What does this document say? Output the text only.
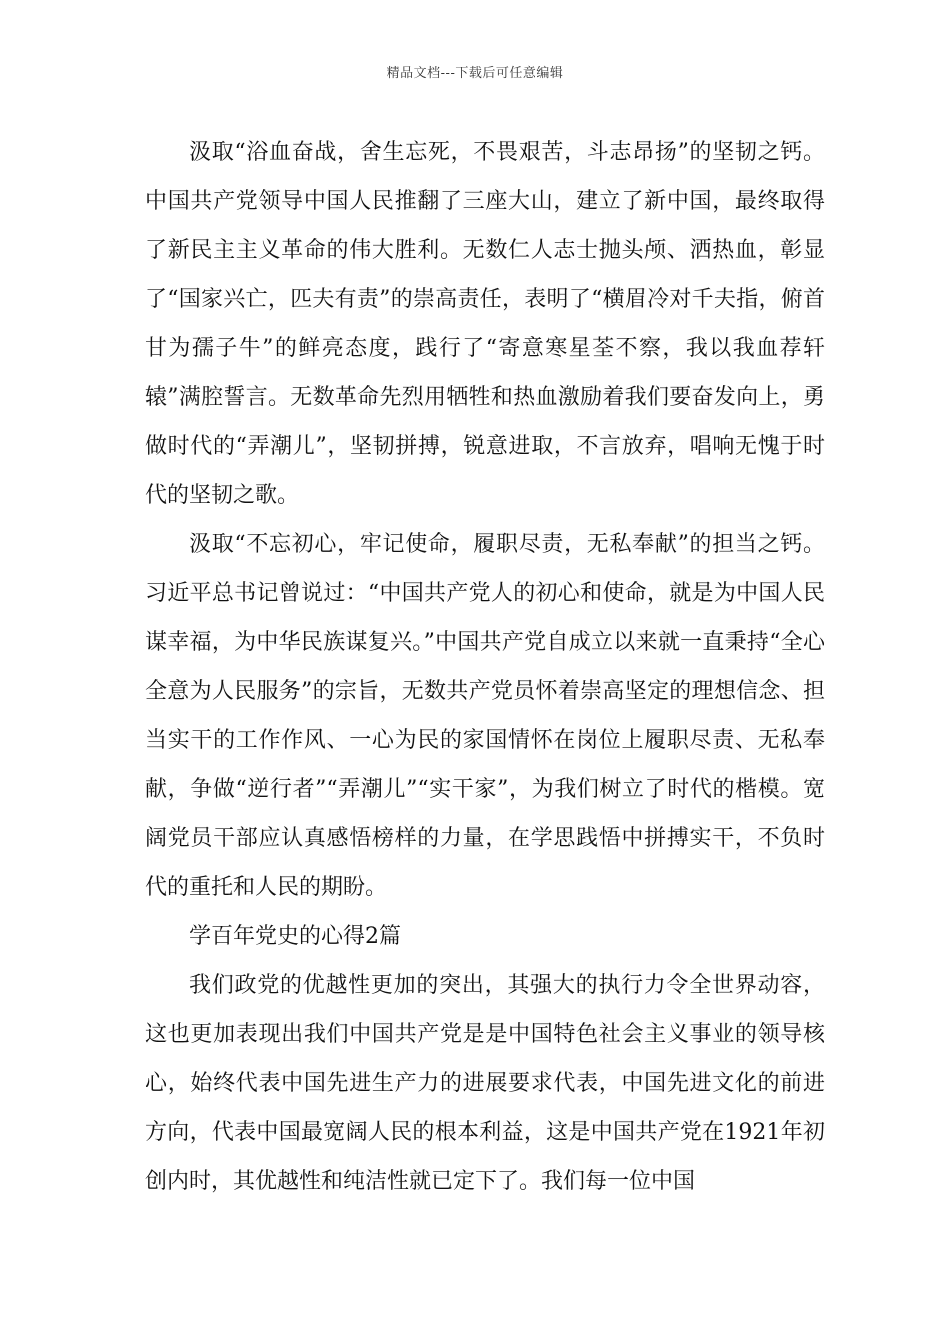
精品文档---下载后可任意编辑

汲取“浴血奋战，舍生忘死，不畏艰苦，斗志昂扬”的坚韧之钙。中国共产党领导中国人民推翻了三座大山，建立了新中国，最终取得了新民主主义革命的伟大胜利。无数仁人志士抛头颅、洒热血，彰显了“国家兴亡，匹夫有责”的崇高责任，表明了“横眉冷对千夫指，俯首甘为孺子牛”的鲜亮态度，践行了“寄意寒星荃不察，我以我血荐轩辕”满腔誓言。无数革命先烈用牺牲和热血激励着我们要奋发向上，勇做时代的“弄潮儿”，坚韧拼搏，锐意进取，不言放弃，唱响无愧于时代的坚韧之歌。

汲取“不忘初心，牢记使命，履职尽责，无私奉献”的担当之钙。习近平总书记曾说过：“中国共产党人的初心和使命，就是为中国人民谋幸福，为中华民族谋复兴。”中国共产党自成立以来就一直秉持“全心全意为人民服务”的宗旨，无数共产党员怀着崇高坚定的理想信念、担当实干的工作作风、一心为民的家国情怀在岗位上履职尽责、无私奉献，争做“逆行者”“弄潮儿”“实干家”，为我们树立了时代的楷模。宽阔党员干部应认真感悟榜样的力量，在学思践悟中拼搏实干，不负时代的重托和人民的期盼。

学百年党史的心得2篇

我们政党的优越性更加的突出，其强大的执行力令全世界动容，这也更加表现出我们中国共产党是是中国特色社会主义事业的领导核心，始终代表中国先进生产力的进展要求代表，中国先进文化的前进方向，代表中国最宽阔人民的根本利益，这是中国共产党在1921年初创内时，其优越性和纯洁性就已定下了。我们每一位中国
